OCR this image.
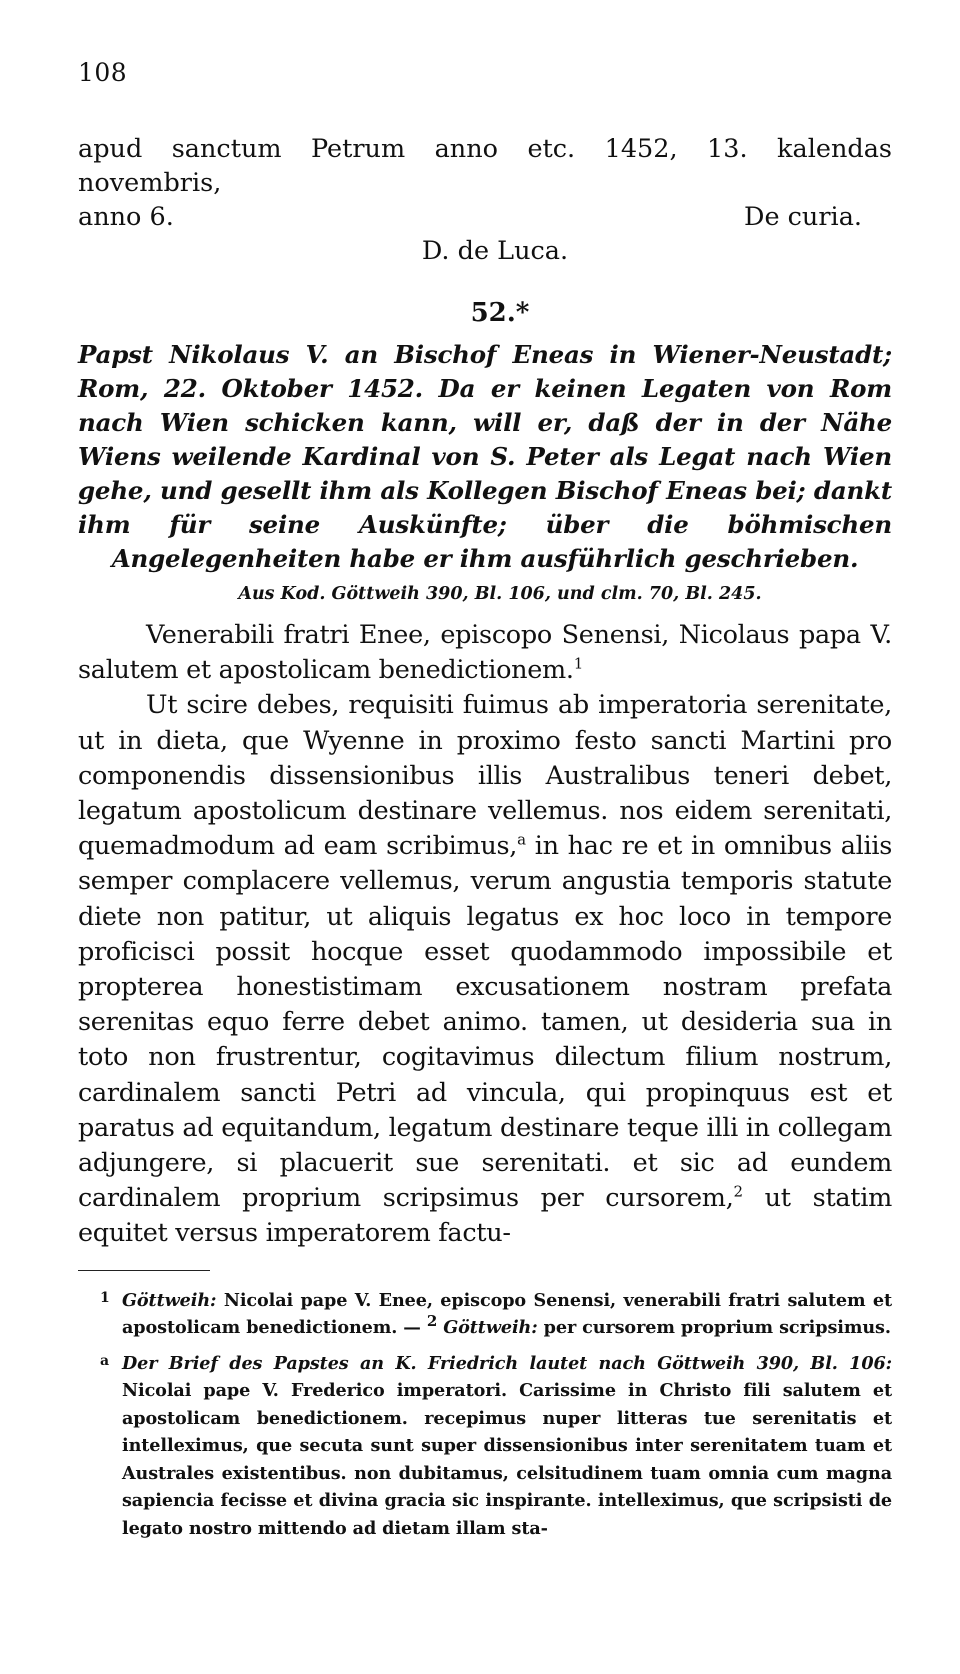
108
apud sanctum Petrum anno etc. 1452, 13. kalendas novembris,
anno 6.	De curia.
D. de Luca.
52.*
Papst Nikolaus V. an Bischof Eneas in Wiener-Neustadt; Rom, 22. Oktober 1452. Da er keinen Legaten von Rom nach Wien schicken kann, will er, daß der in der Nähe Wiens weilende Kardinal von S. Peter als Legat nach Wien gehe, und gesellt ihm als Kollegen Bischof Eneas bei; dankt ihm für seine Auskünfte; über die böhmischen Angelegenheiten habe er ihm ausführlich geschrieben.
Aus Kod. Göttweih 390, Bl. 106, und clm. 70, Bl. 245.

Venerabili fratri Enee, episcopo Senensi, Nicolaus papa V. salutem et apostolicam benedictionem.$^1$

Ut scire debes, requisiti fuimus ab imperatoria serenitate, ut in dieta, que Wyenne in proximo festo sancti Martini pro componendis dissensionibus illis Australibus teneri debet, legatum apostolicum destinare vellemus. nos eidem serenitati, quemadmodum ad eam scribimus,$^a$ in hac re et in omnibus aliis semper complacere vellemus, verum angustia temporis statute diete non patitur, ut aliquis legatus ex hoc loco in tempore proficisci possit hocque esset quodammodo impossibile et propterea honestistimam excusationem nostram prefata serenitas equo ferre debet animo. tamen, ut desideria sua in toto non frustrentur, cogitavimus dilectum filium nostrum, cardinalem sancti Petri ad vincula, qui propinquus est et paratus ad equitandum, legatum destinare teque illi in collegam adjungere, si placuerit sue serenitati. et sic ad eundem cardinalem proprium scripsimus per cursorem,$^2$ ut statim equitet versus imperatorem factu-

1 Göttweih: Nicolai pape V. Enee, episcopo Senensi, venerabili fratri salutem et apostolicam benedictionem. — $^2$ Göttweih: per cursorem proprium scripsimus.

a Der Brief des Papstes an K. Friedrich lautet nach Göttweih 390, Bl. 106: Nicolai pape V. Frederico imperatori. Carissime in Christo fili salutem et apostolicam benedictionem. recepimus nuper litteras tue serenitatis et intelleximus, que secuta sunt super dissensionibus inter serenitatem tuam et Australes existentibus. non dubitamus, celsitudinem tuam omnia cum magna sapiencia fecisse et divina gracia sic inspirante. intelleximus, que scripsisti de legato nostro mittendo ad dietam illam sta-
